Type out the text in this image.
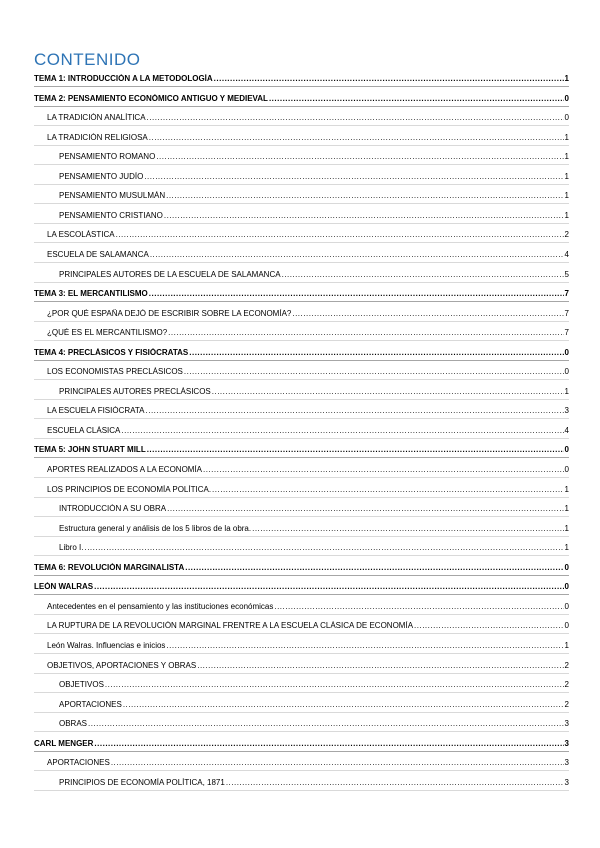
CONTENIDO
TEMA 1: INTRODUCCIÓN A LA METODOLOGÍA .....	1
TEMA 2: PENSAMIENTO ECONÓMICO ANTIGUO Y MEDIEVAL .....	0
LA TRADICIÓN ANALÍTICA .....	0
LA TRADICIÓN RELIGIOSA .....	1
PENSAMIENTO ROMANO .....	1
PENSAMIENTO JUDÍO .....	1
PENSAMIENTO MUSULMÁN .....	1
PENSAMIENTO CRISTIANO .....	1
LA ESCOLÁSTICA .....	2
ESCUELA DE SALAMANCA .....	4
PRINCIPALES AUTORES DE LA ESCUELA DE SALAMANCA .....	5
TEMA 3: EL MERCANTILISMO .....	7
¿POR QUÉ ESPAÑA DEJÓ DE ESCRIBIR SOBRE LA ECONOMÍA? .....	7
¿QUÉ ES EL MERCANTILISMO? .....	7
TEMA 4: PRECLÁSICOS Y FISIÓCRATAS .....	0
LOS ECONOMISTAS PRECLÁSICOS .....	0
PRINCIPALES AUTORES PRECLÁSICOS .....	1
LA ESCUELA FISIÓCRATA .....	3
ESCUELA CLÁSICA .....	4
TEMA 5: JOHN STUART MILL .....	0
APORTES REALIZADOS A LA ECONOMÍA .....	0
LOS PRINCIPIOS DE ECONOMÍA POLÍTICA. .....	1
INTRODUCCIÓN A SU OBRA .....	1
Estructura general y análisis de los 5 libros de la obra. .....	1
Libro I. .....	1
TEMA 6: REVOLUCIÓN MARGINALISTA .....	0
LEÓN WALRAS .....	0
Antecedentes en el pensamiento y las instituciones económicas .....	0
LA RUPTURA DE LA REVOLUCIÓN MARGINAL FRENTRE A LA ESCUELA CLÁSICA DE ECONOMÍA .....	0
León Walras. Influencias e inicios .....	1
OBJETIVOS, APORTACIONES Y OBRAS .....	2
OBJETIVOS .....	2
APORTACIONES .....	2
OBRAS .....	3
CARL MENGER .....	3
APORTACIONES .....	3
PRINCIPIOS DE ECONOMÍA POLÍTICA, 1871 .....	3
